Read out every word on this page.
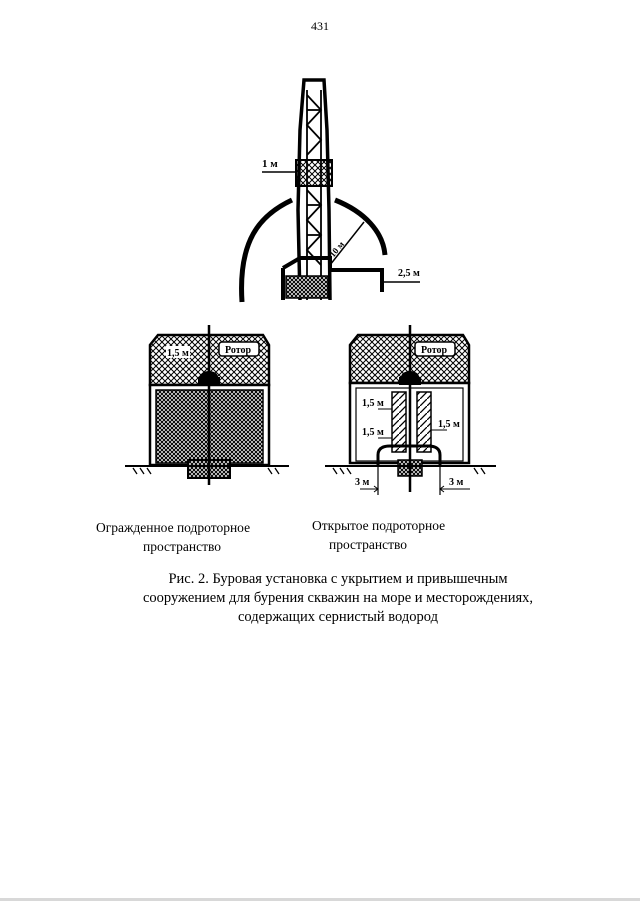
431
1 м
10 м
2,5 м
1,5 м	Ротор	Ротор
1,5 м
1,5 м
1,5 м
3 м	3 м
Огражденное подроторное
пространство
Открытое подроторное
пространство
Рис. 2. Буровая установка с укрытием и привышечным
сооружением для бурения скважин на море и месторождениях,
содержащих сернистый водород
